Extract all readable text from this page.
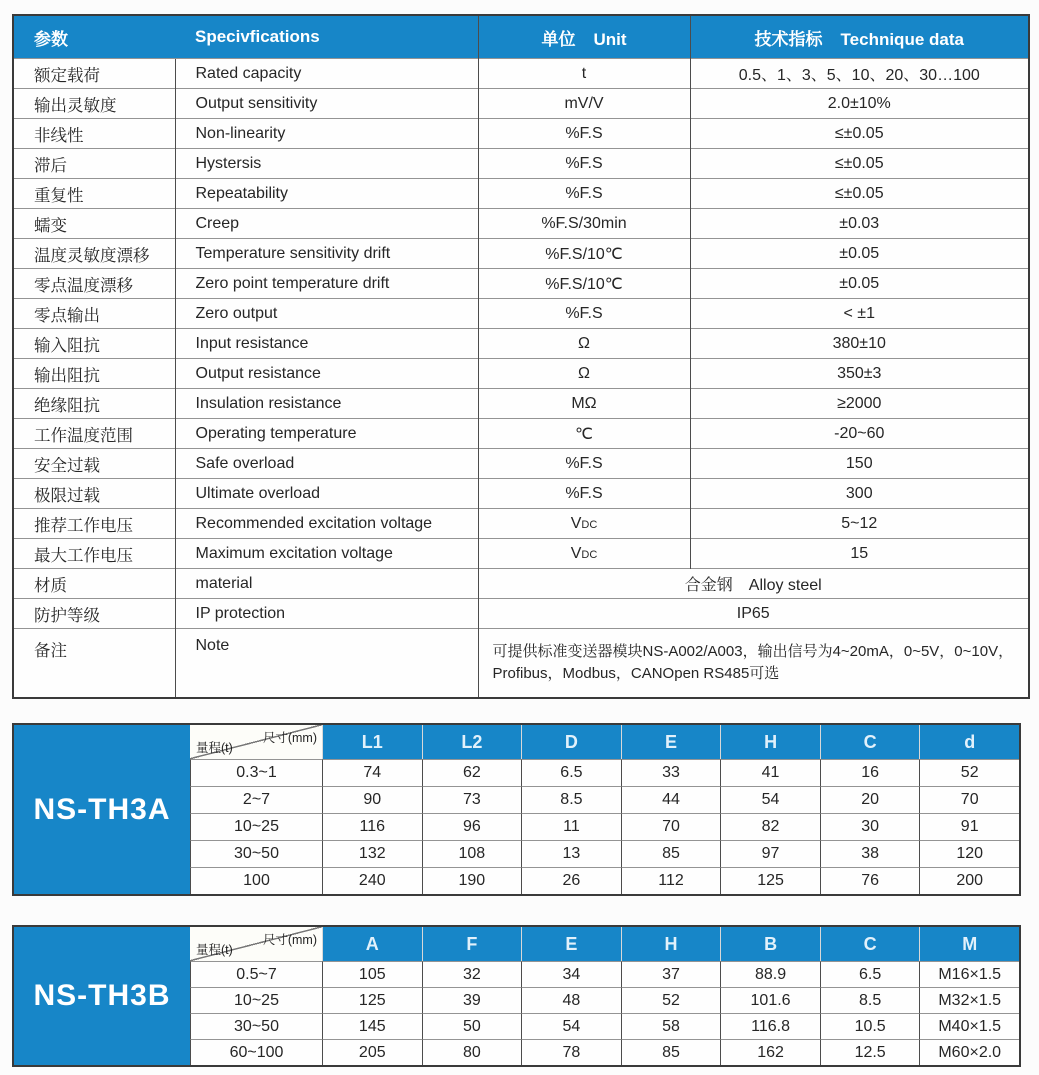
参数	Specivfications	单位 Unit	技术指标 Technique data
额定载荷	Rated capacity	t	0.5、1、3、5、10、20、30…100
输出灵敏度	Output sensitivity	mV/V	2.0±10%
非线性	Non-linearity	%F.S	≤±0.05
滞后	Hystersis	%F.S	≤±0.05
重复性	Repeatability	%F.S	≤±0.05
蠕变	Creep	%F.S/30min	±0.03
温度灵敏度漂移	Temperature sensitivity drift	%F.S/10℃	±0.05
零点温度漂移	Zero point temperature drift	%F.S/10℃	±0.05
零点输出	Zero output	%F.S	< ±1
输入阻抗	Input resistance	Ω	380±10
输出阻抗	Output resistance	Ω	350±3
绝缘阻抗	Insulation resistance	MΩ	≥2000
工作温度范围	Operating temperature	℃	-20~60
安全过载	Safe overload	%F.S	150
极限过载	Ultimate overload	%F.S	300
推荐工作电压	Recommended excitation voltage	VDC	5~12
最大工作电压	Maximum excitation voltage	VDC	15
材质	material	合金钢 Alloy steel	
防护等级	IP protection	IP65	
备注	Note	可提供标准变送器模块NS-A002/A003，输出信号为4~20mA，0~5V，0~10V，Profibus，Modbus，CANOpen RS485可选	
NS-TH3A
尺寸(mm)
量程(t)	L1	L2	D	E	H	C	d
0.3~1	74	62	6.5	33	41	16	52
2~7	90	73	8.5	44	54	20	70
10~25	116	96	11	70	82	30	91
30~50	132	108	13	85	97	38	120
100	240	190	26	112	125	76	200
NS-TH3B
尺寸(mm)
量程(t)	A	F	E	H	B	C	M
0.5~7	105	32	34	37	88.9	6.5	M16×1.5
10~25	125	39	48	52	101.6	8.5	M32×1.5
30~50	145	50	54	58	116.8	10.5	M40×1.5
60~100	205	80	78	85	162	12.5	M60×2.0
